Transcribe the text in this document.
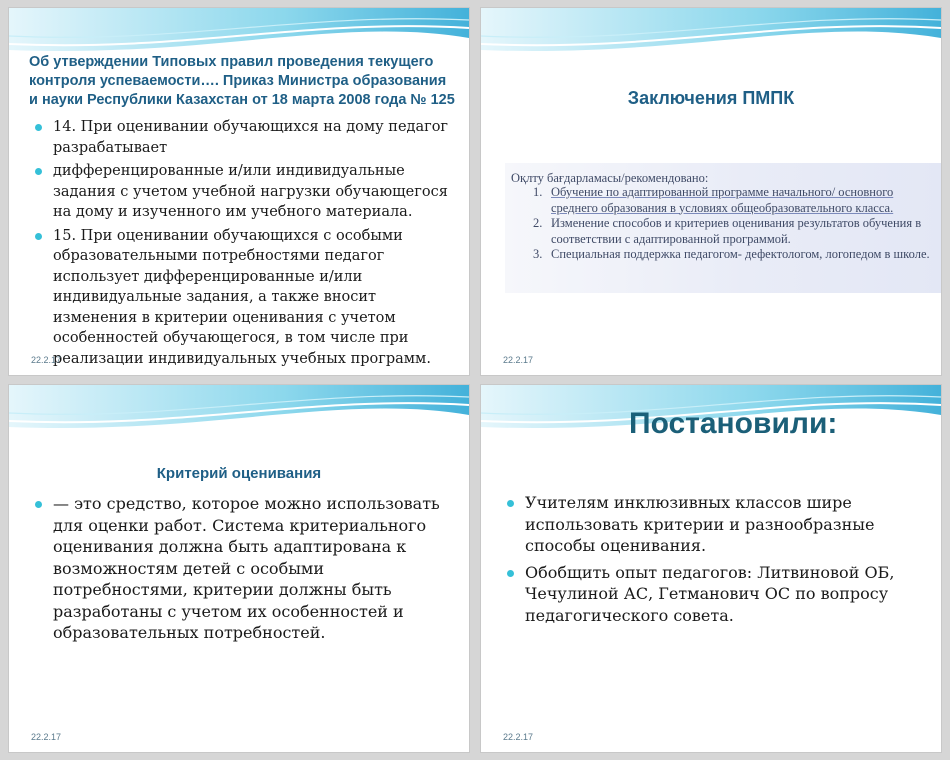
Об утверждении Типовых правил проведения текущего контроля успеваемости…. Приказ Министра образования и науки Республики Казахстан от 18 марта 2008 года № 125
14. При оценивании обучающихся на дому педагог разрабатывает
дифференцированные и/или индивидуальные задания с учетом учебной нагрузки обучающегося на дому и изученного им учебного материала.
15. При оценивании обучающихся с особыми образовательными потребностями педагог использует дифференцированные и/или индивидуальные задания, а также вносит изменения в критерии оценивания с учетом особенностей обучающегося, в том числе при реализации индивидуальных учебных программ.
22.2.17
Заключения ПМПК
Оқлту бағдарламасы/рекомендовано:
1. Обучение по адаптированной программе начального/ основного среднего образования в условиях общеобразовательного класса.
2. Изменение способов и критериев оценивания результатов обучения в соответствии с адаптированной программой.
3. Специальная поддержка педагогом- дефектологом, логопедом в школе.
22.2.17
Критерий оценивания
— это средство, которое можно использовать для оценки работ. Система критериального оценивания должна быть адаптирована к возможностям детей с особыми потребностями, критерии должны быть разработаны с учетом их особенностей и образовательных потребностей.
22.2.17
Постановили:
Учителям инклюзивных классов шире использовать критерии и разнообразные способы оценивания.
Обобщить опыт педагогов: Литвиновой ОБ, Чечулиной АС, Гетманович ОС по вопросу педагогического совета.
22.2.17
